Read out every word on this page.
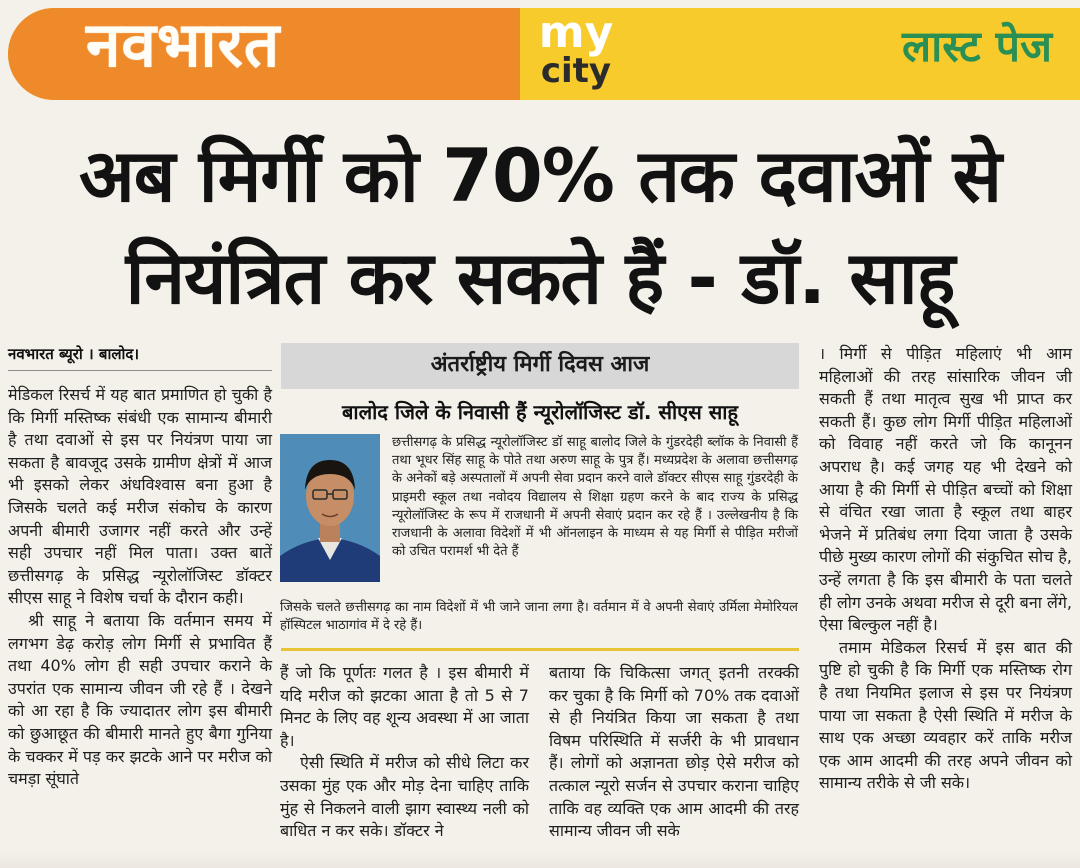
नवभारत	my
city	लास्ट पेज
अब मिर्गी को 70% तक दवाओं से
नियंत्रित कर सकते हैं - डॉ. साहू
नवभारत ब्यूरो । बालोद।

मेडिकल रिसर्च में यह बात प्रमाणित हो चुकी है कि मिर्गी मस्तिष्क संबंधी एक सामान्य बीमारी है तथा दवाओं से इस पर नियंत्रण पाया जा सकता है बावजूद उसके ग्रामीण क्षेत्रों में आज भी इसको लेकर अंधविश्वास बना हुआ है जिसके चलते कई मरीज संकोच के कारण अपनी बीमारी उजागर नहीं करते और उन्हें सही उपचार नहीं मिल पाता। उक्त बातें छत्तीसगढ़ के प्रसिद्ध न्यूरोलॉजिस्ट डॉक्टर सीएस साहू ने विशेष चर्चा के दौरान कही।

श्री साहू ने बताया कि वर्तमान समय में लगभग डेढ़ करोड़ लोग मिर्गी से प्रभावित हैं तथा 40% लोग ही सही उपचार कराने के उपरांत एक सामान्य जीवन जी रहे हैं । देखने को आ रहा है कि ज्यादातर लोग इस बीमारी को छुआछूत की बीमारी मानते हुए बैगा गुनिया के चक्कर में पड़ कर झटके आने पर मरीज को चमड़ा सूंघाते

अंतर्राष्ट्रीय मिर्गी दिवस आज
बालोद जिले के निवासी हैं न्यूरोलॉजिस्ट डॉ. सीएस साहू
छत्तीसगढ़ के प्रसिद्ध न्यूरोलॉजिस्ट डॉ साहू बालोद जिले के गुंडरदेही ब्लॉक के निवासी हैं तथा भूधर सिंह साहू के पोते तथा अरुण साहू के पुत्र हैं। मध्यप्रदेश के अलावा छत्तीसगढ़ के अनेकों बड़े अस्पतालों में अपनी सेवा प्रदान करने वाले डॉक्टर सीएस साहू गुंडरदेही के प्राइमरी स्कूल तथा नवोदय विद्यालय से शिक्षा ग्रहण करने के बाद राज्य के प्रसिद्ध न्यूरोलॉजिस्ट के रूप में राजधानी में अपनी सेवाएं प्रदान कर रहे हैं । उल्लेखनीय है कि राजधानी के अलावा विदेशों में भी ऑनलाइन के माध्यम से यह मिर्गी से पीड़ित मरीजों को उचित परामर्श भी देते हैं
जिसके चलते छत्तीसगढ़ का नाम विदेशों में भी जाने जाना लगा है। वर्तमान में वे अपनी सेवाएं उर्मिला मेमोरियल हॉस्पिटल भाठागांव में दे रहे हैं।

हैं जो कि पूर्णतः गलत है । इस बीमारी में यदि मरीज को झटका आता है तो 5 से 7 मिनट के लिए वह शून्य अवस्था में आ जाता है।

ऐसी स्थिति में मरीज को सीधे लिटा कर उसका मुंह एक और मोड़ देना चाहिए ताकि मुंह से निकलने वाली झाग स्वास्थ्य नली को बाधित न कर सके। डॉक्टर ने

बताया कि चिकित्सा जगत् इतनी तरक्की कर चुका है कि मिर्गी को 70% तक दवाओं से ही नियंत्रित किया जा सकता है तथा विषम परिस्थिति में सर्जरी के भी प्रावधान हैं। लोगों को अज्ञानता छोड़ ऐसे मरीज को तत्काल न्यूरो सर्जन से उपचार कराना चाहिए ताकि वह व्यक्ति एक आम आदमी की तरह सामान्य जीवन जी सके

। मिर्गी से पीड़ित महिलाएं भी आम महिलाओं की तरह सांसारिक जीवन जी सकती हैं तथा मातृत्व सुख भी प्राप्त कर सकती हैं। कुछ लोग मिर्गी पीड़ित महिलाओं को विवाह नहीं करते जो कि कानूनन अपराध है। कई जगह यह भी देखने को आया है की मिर्गी से पीड़ित बच्चों को शिक्षा से वंचित रखा जाता है स्कूल तथा बाहर भेजने में प्रतिबंध लगा दिया जाता है उसके पीछे मुख्य कारण लोगों की संकुचित सोच है, उन्हें लगता है कि इस बीमारी के पता चलते ही लोग उनके अथवा मरीज से दूरी बना लेंगे, ऐसा बिल्कुल नहीं है।

तमाम मेडिकल रिसर्च में इस बात की पुष्टि हो चुकी है कि मिर्गी एक मस्तिष्क रोग है तथा नियमित इलाज से इस पर नियंत्रण पाया जा सकता है ऐसी स्थिति में मरीज के साथ एक अच्छा व्यवहार करें ताकि मरीज एक आम आदमी की तरह अपने जीवन को सामान्य तरीके से जी सके।
